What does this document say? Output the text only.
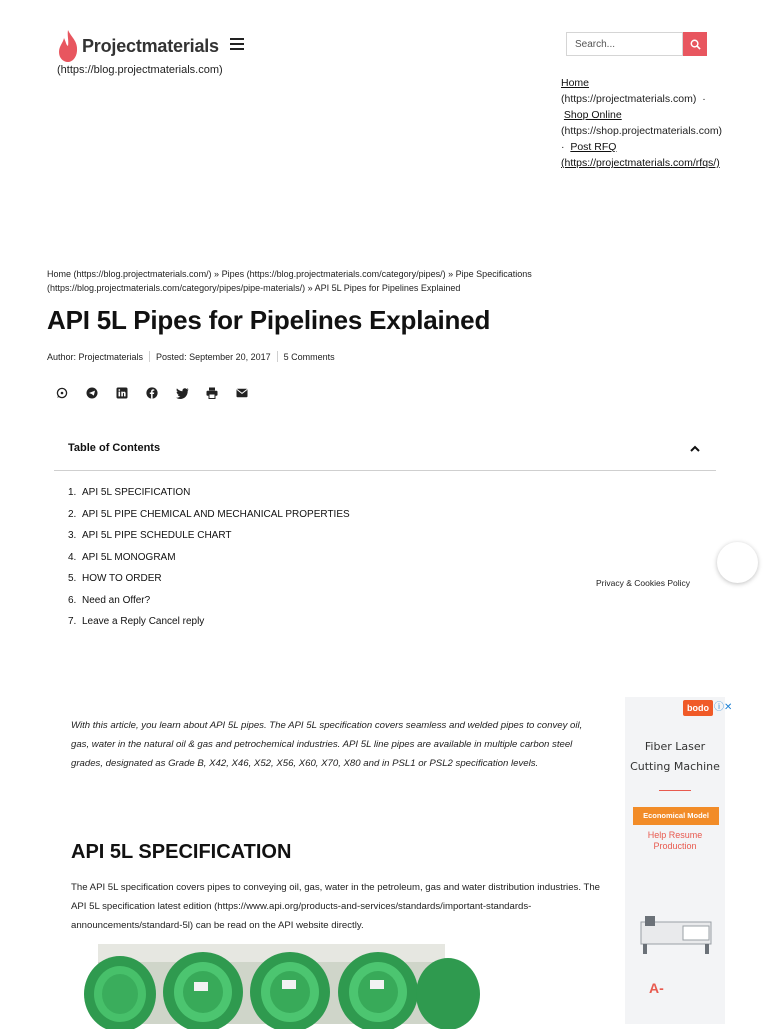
Projectmaterials
(https://blog.projectmaterials.com)
Search...
Home
(https://projectmaterials.com) ·
Shop Online
(https://shop.projectmaterials.com)
· Post RFQ
(https://projectmaterials.com/rfqs/)
Home (https://blog.projectmaterials.com/) » Pipes (https://blog.projectmaterials.com/category/pipes/) » Pipe Specifications
(https://blog.projectmaterials.com/category/pipes/pipe-materials/) » API 5L Pipes for Pipelines Explained
API 5L Pipes for Pipelines Explained
Author: Projectmaterials Posted: September 20, 2017 5 Comments
Table of Contents
1. API 5L SPECIFICATION
2. API 5L PIPE CHEMICAL AND MECHANICAL PROPERTIES
3. API 5L PIPE SCHEDULE CHART
4. API 5L MONOGRAM
5. HOW TO ORDER
6. Need an Offer?
7. Leave a Reply Cancel reply
Privacy & Cookies Policy
With this article, you learn about API 5L pipes. The API 5L specification covers seamless and welded pipes to convey oil, gas, water in the natural oil & gas and petrochemical industries. API 5L line pipes are available in multiple carbon steel grades, designated as Grade B, X42, X46, X52, X56, X60, X70, X80 and in PSL1 or PSL2 specification levels.
API 5L SPECIFICATION
The API 5L specification covers pipes to conveying oil, gas, water in the petroleum, gas and water distribution industries. The API 5L specification latest edition (https://www.api.org/products-and-services/standards/important-standards-announcements/standard-5l) can be read on the API website directly.
bodo ⓘ✕
Fiber Laser
Cutting Machine
Economical Model
Help Resume
Production
A-
